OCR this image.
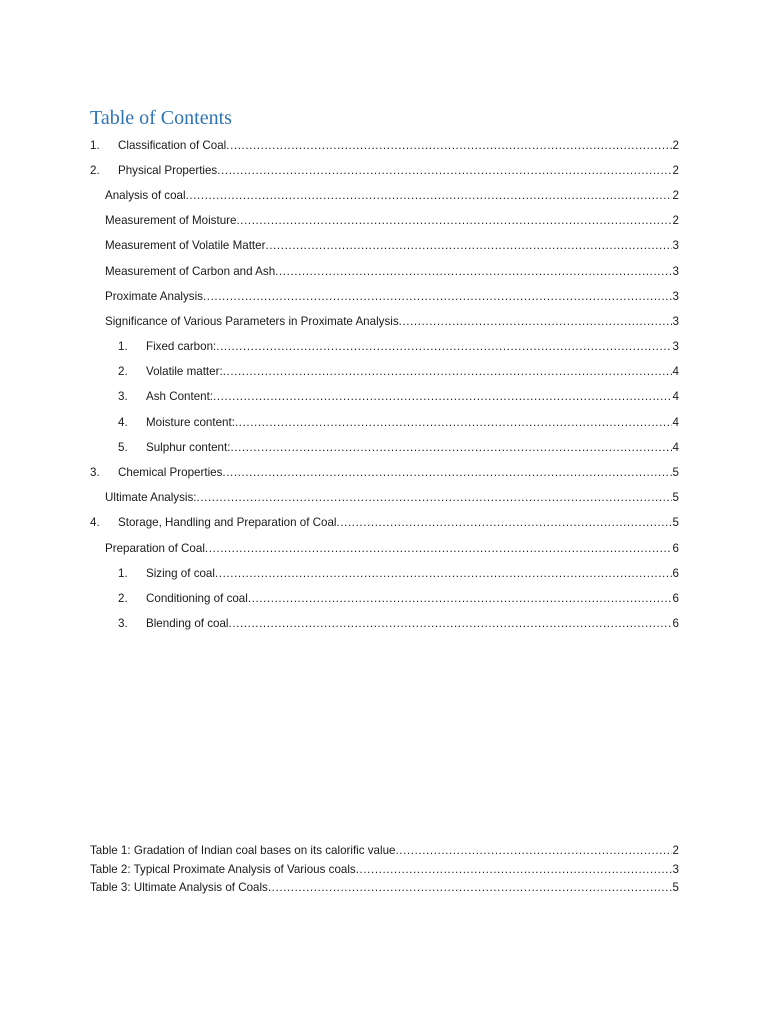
Table of Contents
1.	Classification of Coal .....	2
2.	Physical Properties .....	2
Analysis of coal .....	2
Measurement of Moisture .....	2
Measurement of Volatile Matter .....	3
Measurement of Carbon and Ash .....	3
Proximate Analysis .....	3
Significance of Various Parameters in Proximate Analysis .....	3
1.	Fixed carbon: .....	3
2.	Volatile matter: .....	4
3.	Ash Content: .....	4
4.	Moisture content: .....	4
5.	Sulphur content: .....	4
3.	Chemical Properties .....	5
Ultimate Analysis: .....	5
4.	Storage, Handling and Preparation of Coal .....	5
Preparation of Coal .....	6
1.	Sizing of coal .....	6
2.	Conditioning of coal .....	6
3.	Blending of coal .....	6
Table 1: Gradation of Indian coal bases on its calorific value .....	2
Table 2: Typical Proximate Analysis of Various coals .....	3
Table 3: Ultimate Analysis of Coals .....	5
